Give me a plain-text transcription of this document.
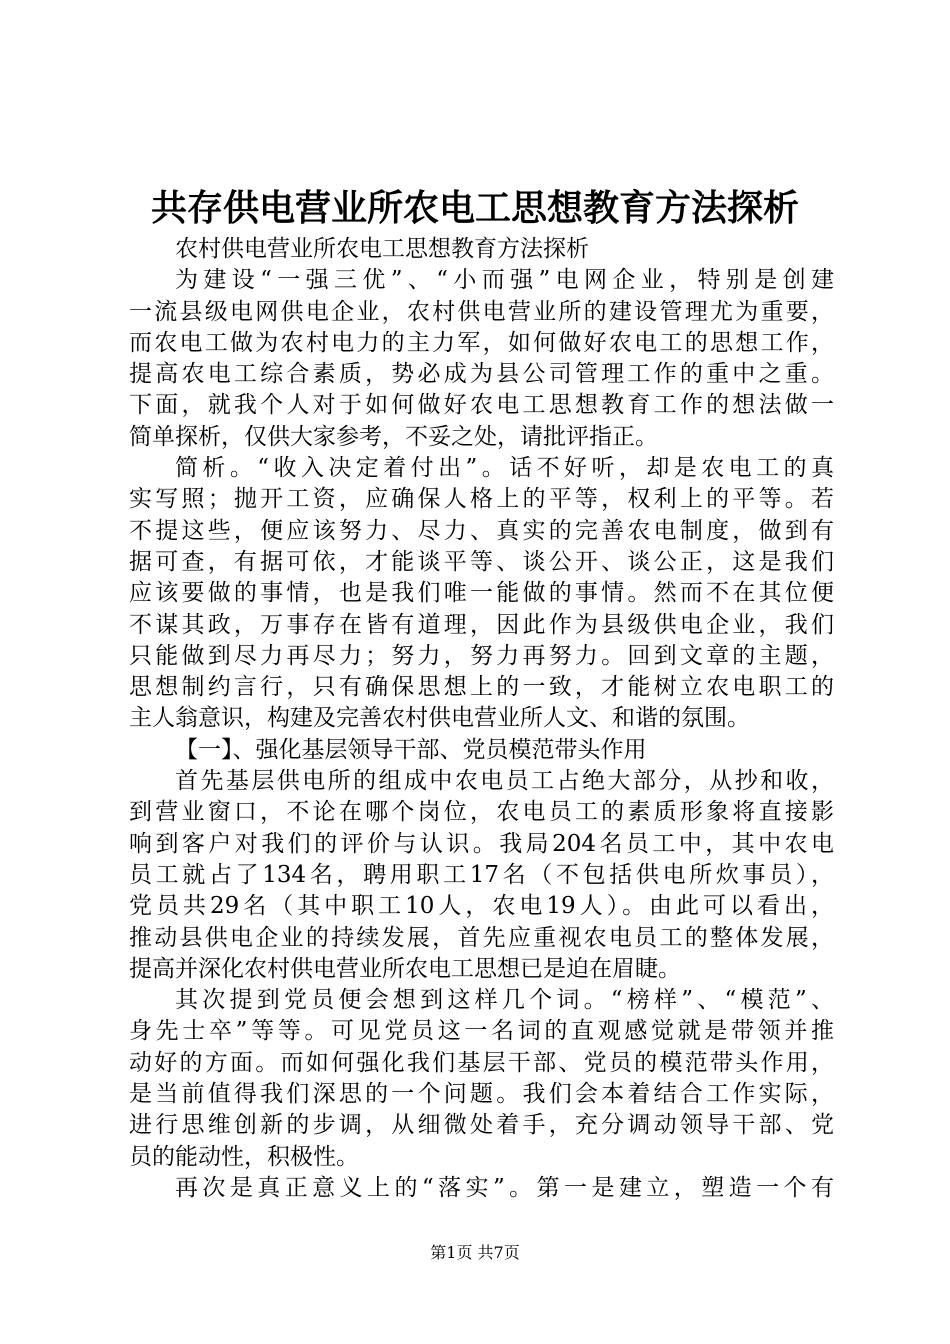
共存供电营业所农电工思想教育方法探析
农村供电营业所农电工思想教育方法探析
为建设“一强三优”、“小而强”电网企业，特别是创建
一流县级电网供电企业，农村供电营业所的建设管理尤为重要，
而农电工做为农村电力的主力军，如何做好农电工的思想工作，
提高农电工综合素质，势必成为县公司管理工作的重中之重。
下面，就我个人对于如何做好农电工思想教育工作的想法做一
简单探析，仅供大家参考，不妥之处，请批评指正。
简析。“收入决定着付出”。话不好听，却是农电工的真
实写照；抛开工资，应确保人格上的平等，权利上的平等。若
不提这些，便应该努力、尽力、真实的完善农电制度，做到有
据可查，有据可依，才能谈平等、谈公开、谈公正，这是我们
应该要做的事情，也是我们唯一能做的事情。然而不在其位便
不谋其政，万事存在皆有道理，因此作为县级供电企业，我们
只能做到尽力再尽力；努力，努力再努力。回到文章的主题，
思想制约言行，只有确保思想上的一致，才能树立农电职工的
主人翁意识，构建及完善农村供电营业所人文、和谐的氛围。
【一】、强化基层领导干部、党员模范带头作用
首先基层供电所的组成中农电员工占绝大部分，从抄和收，
到营业窗口，不论在哪个岗位，农电员工的素质形象将直接影
响到客户对我们的评价与认识。我局204名员工中，其中农电
员工就占了134名，聘用职工17名（不包括供电所炊事员），
党员共29名（其中职工10人，农电19人）。由此可以看出，
推动县供电企业的持续发展，首先应重视农电员工的整体发展，
提高并深化农村供电营业所农电工思想已是迫在眉睫。
其次提到党员便会想到这样几个词。“榜样”、“模范”、
身先士卒”等等。可见党员这一名词的直观感觉就是带领并推
动好的方面。而如何强化我们基层干部、党员的模范带头作用，
是当前值得我们深思的一个问题。我们会本着结合工作实际，
进行思维创新的步调，从细微处着手，充分调动领导干部、党
员的能动性，积极性。
再次是真正意义上的“落实”。第一是建立，塑造一个有
第1页 共7页
